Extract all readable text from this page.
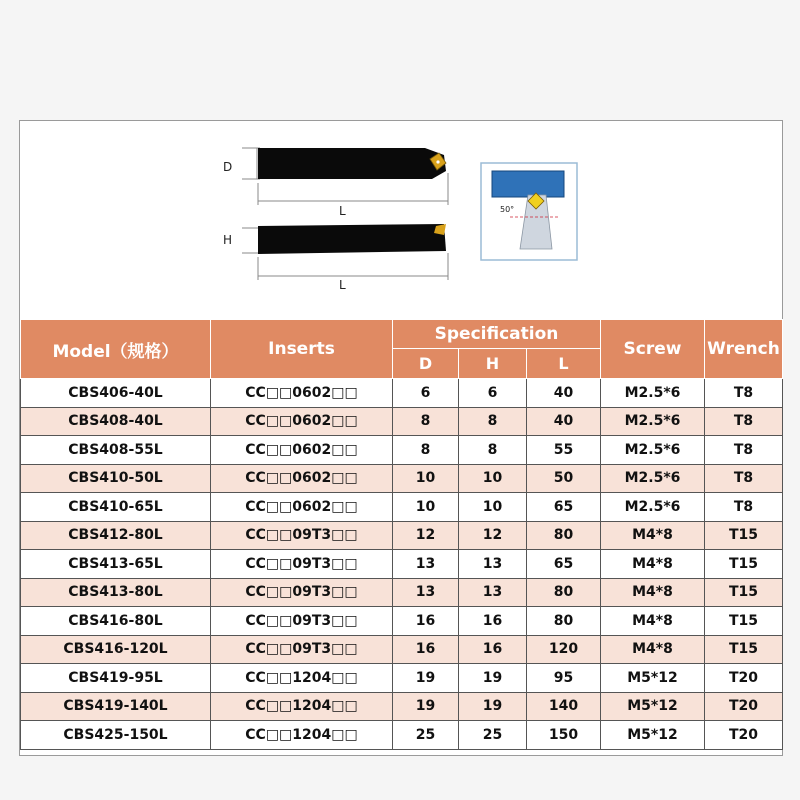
D
L
H
L
50°
Model（规格）	Inserts	Specification			Screw	Wrench
		D	H	L		
CBS406-40L	CC□□0602□□	6	6	40	M2.5*6	T8
CBS408-40L	CC□□0602□□	8	8	40	M2.5*6	T8
CBS408-55L	CC□□0602□□	8	8	55	M2.5*6	T8
CBS410-50L	CC□□0602□□	10	10	50	M2.5*6	T8
CBS410-65L	CC□□0602□□	10	10	65	M2.5*6	T8
CBS412-80L	CC□□09T3□□	12	12	80	M4*8	T15
CBS413-65L	CC□□09T3□□	13	13	65	M4*8	T15
CBS413-80L	CC□□09T3□□	13	13	80	M4*8	T15
CBS416-80L	CC□□09T3□□	16	16	80	M4*8	T15
CBS416-120L	CC□□09T3□□	16	16	120	M4*8	T15
CBS419-95L	CC□□1204□□	19	19	95	M5*12	T20
CBS419-140L	CC□□1204□□	19	19	140	M5*12	T20
CBS425-150L	CC□□1204□□	25	25	150	M5*12	T20
